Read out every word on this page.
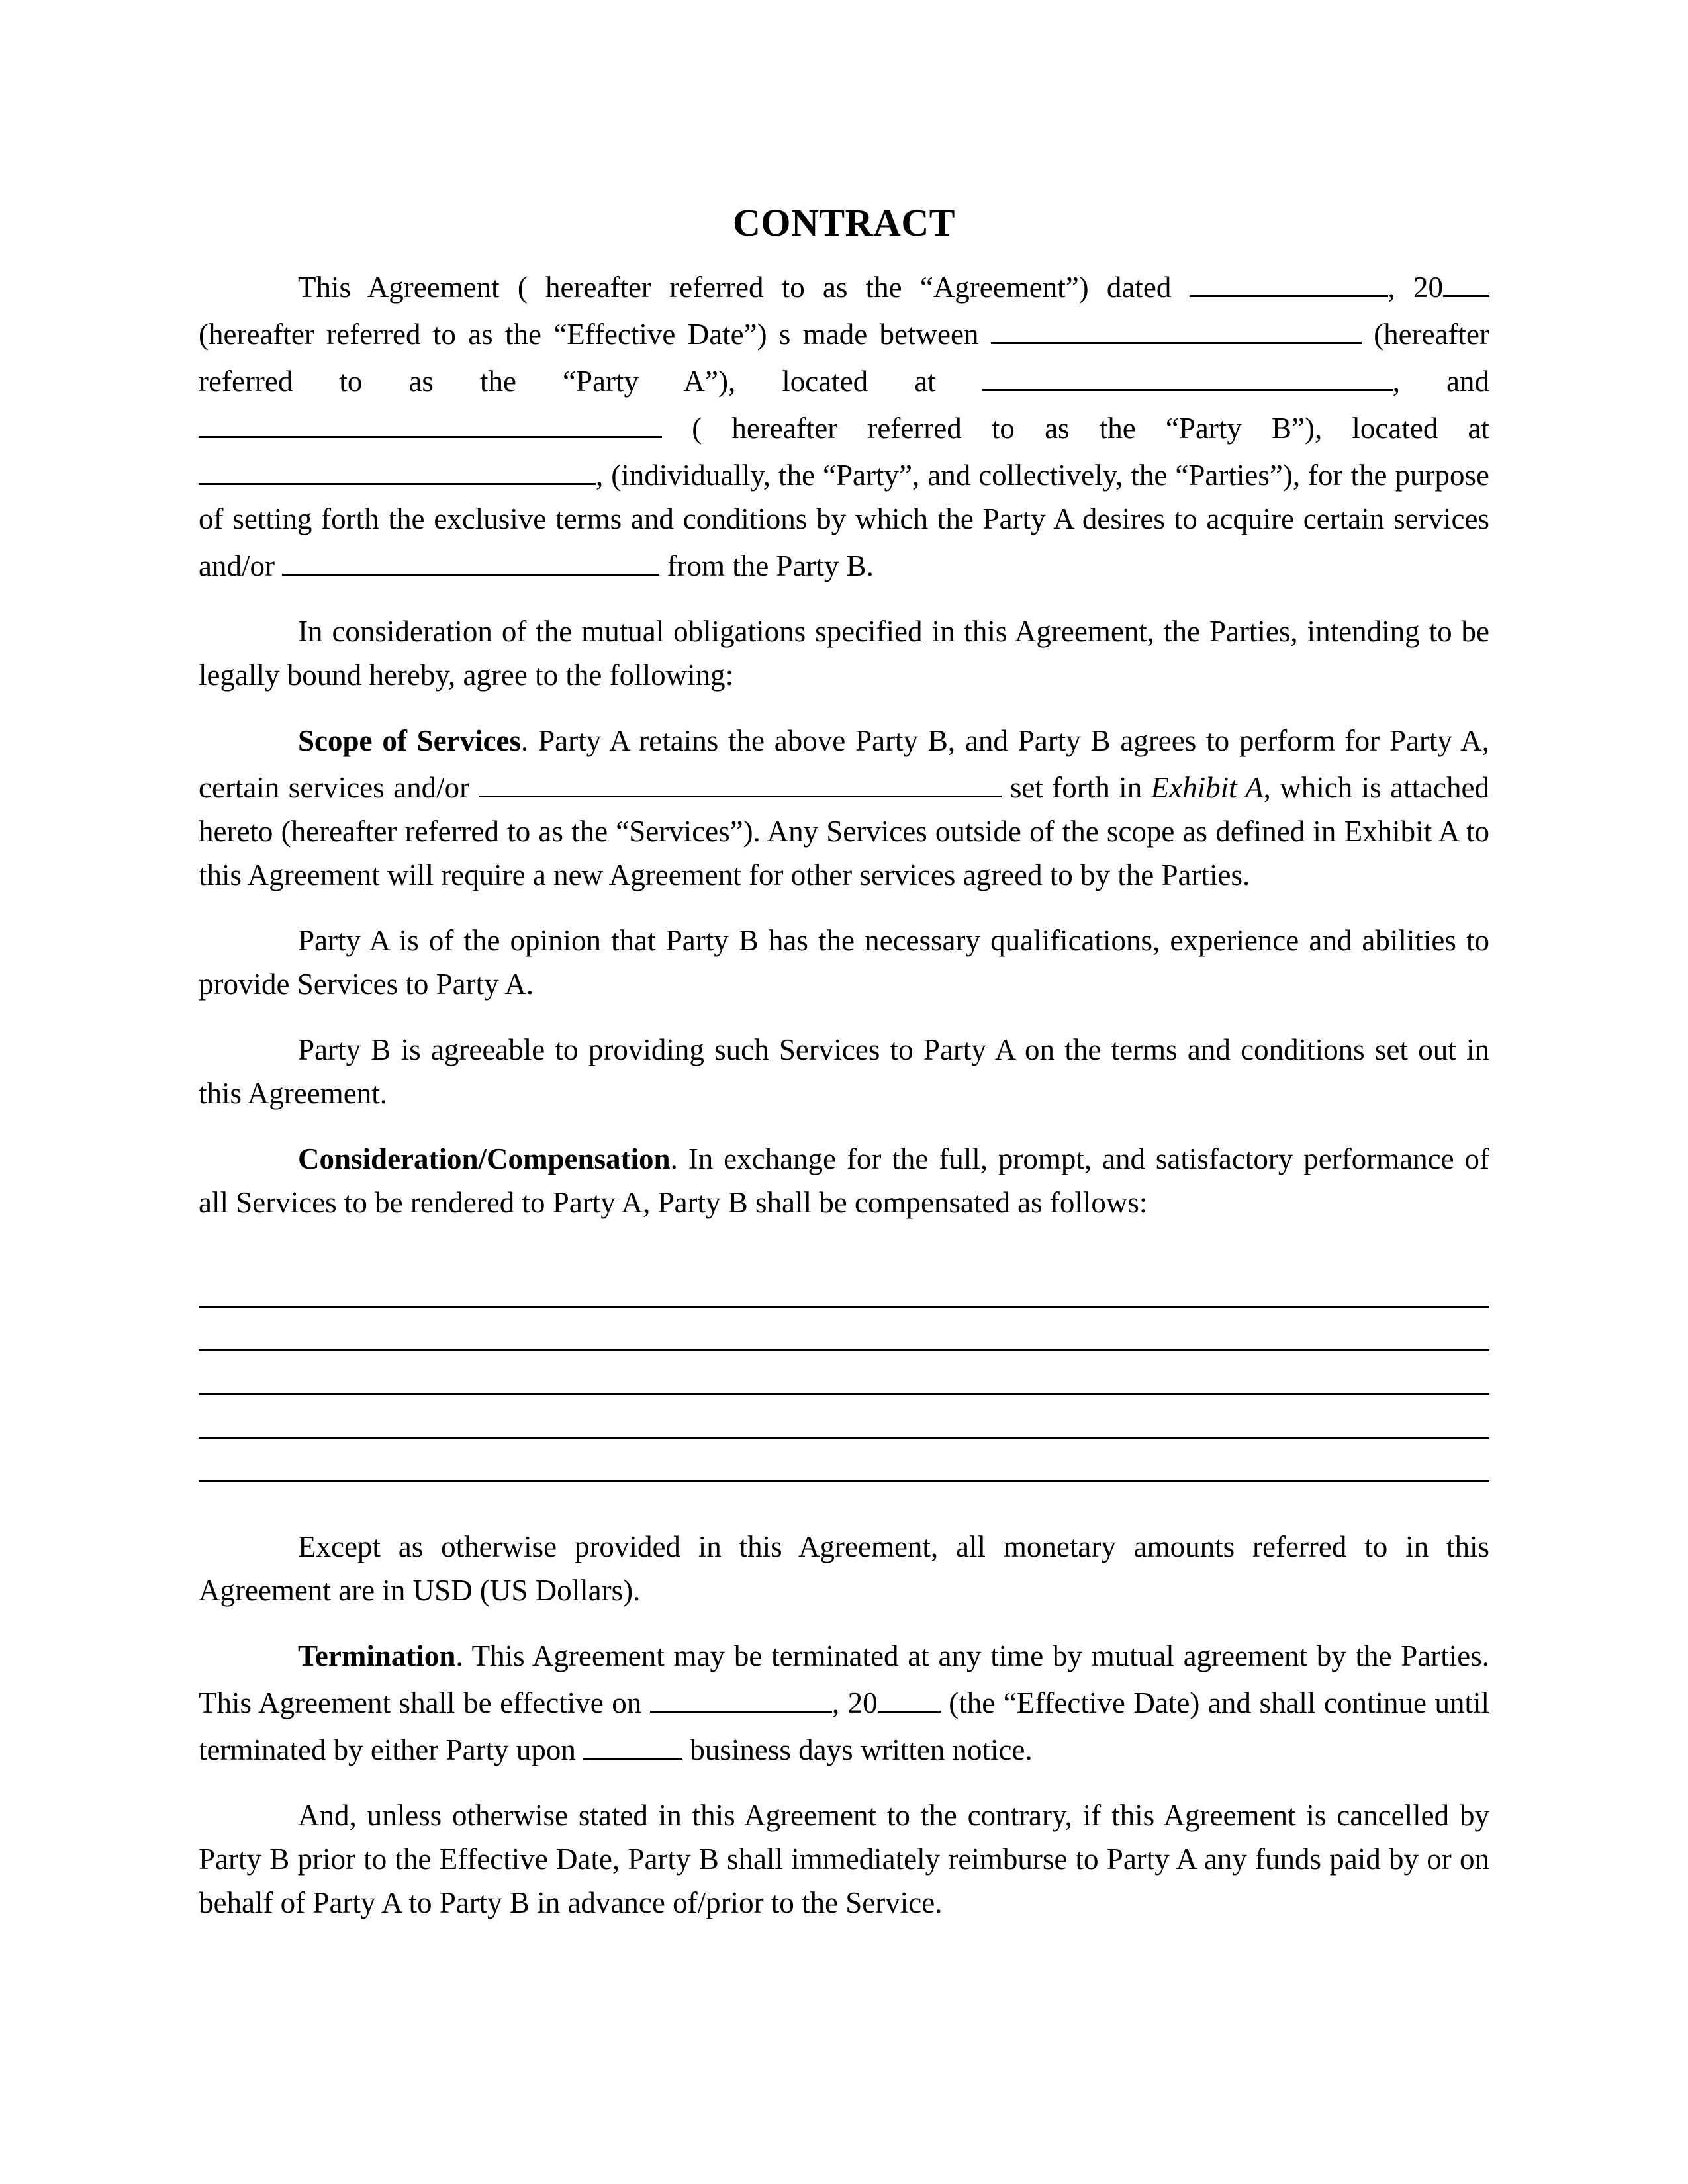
CONTRACT

This Agreement ( hereafter referred to as the “Agreement”) dated	, 20 (hereafter referred to as the “Effective Date”) s made between	(hereafter referred to as the “Party A”), located at	, and  ( hereafter referred to as the “Party B”), located at , (individually, the “Party”, and collectively, the “Parties”), for the purpose of setting forth the exclusive terms and conditions by which the Party A desires to acquire certain services and/or	from the Party B.

In consideration of the mutual obligations specified in this Agreement, the Parties, intending to be legally bound hereby, agree to the following:

Scope of Services. Party A retains the above Party B, and Party B agrees to perform for Party A, certain services and/or	set forth in Exhibit A, which is attached hereto (hereafter referred to as the “Services”). Any Services outside of the scope as defined in Exhibit A to this Agreement will require a new Agreement for other services agreed to by the Parties.

Party A is of the opinion that Party B has the necessary qualifications, experience and abilities to provide Services to Party A.

Party B is agreeable to providing such Services to Party A on the terms and conditions set out in this Agreement.

Consideration/Compensation. In exchange for the full, prompt, and satisfactory performance of all Services to be rendered to Party A, Party B shall be compensated as follows:

Except as otherwise provided in this Agreement, all monetary amounts referred to in this Agreement are in USD (US Dollars).

Termination. This Agreement may be terminated at any time by mutual agreement by the Parties. This Agreement shall be effective on	, 20 (the “Effective Date) and shall continue until terminated by either Party upon	business days written notice.

And, unless otherwise stated in this Agreement to the contrary, if this Agreement is cancelled by Party B prior to the Effective Date, Party B shall immediately reimburse to Party A any funds paid by or on behalf of Party A to Party B in advance of/prior to the Service.
